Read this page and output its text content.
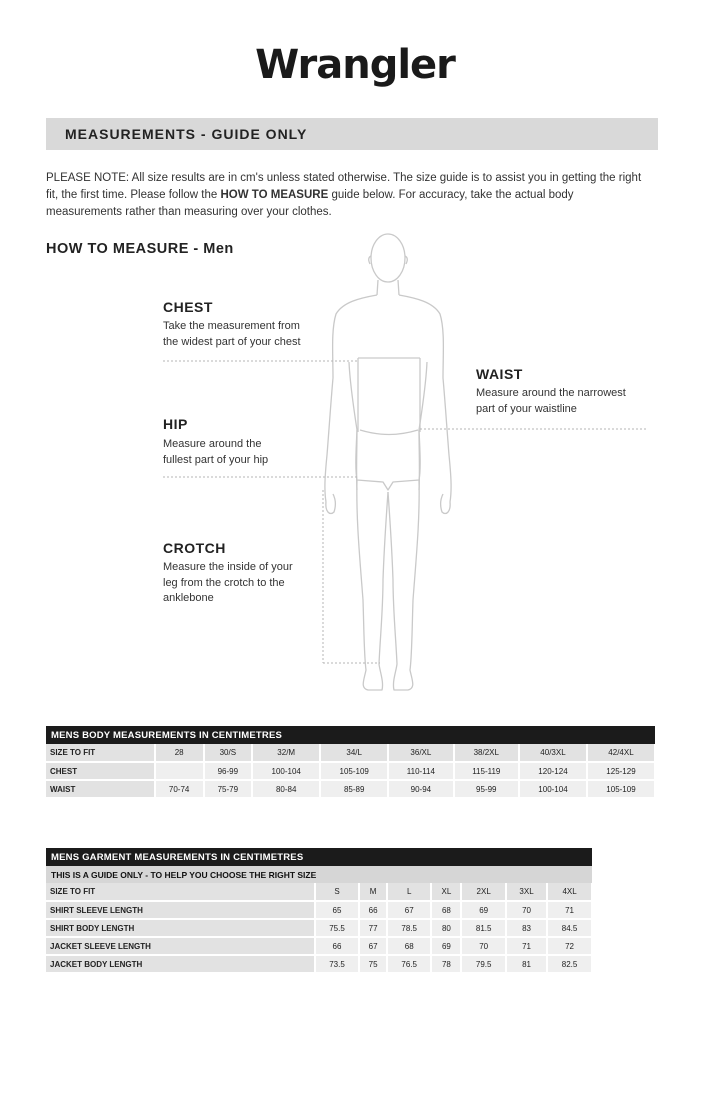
Wrangler
MEASUREMENTS - GUIDE ONLY

PLEASE NOTE: All size results are in cm's unless stated otherwise. The size guide is to assist you in getting the right fit, the first time. Please follow the HOW TO MEASURE guide below. For accuracy, take the actual body measurements rather than measuring over your clothes.

HOW TO MEASURE - Men
CHEST
Take the measurement from
the widest part of your chest
WAIST
Measure around the narrowest
part of your waistline
HIP
Measure around the
fullest part of your hip
CROTCH
Measure the inside of your
leg from the crotch to the
anklebone
MENS BODY MEASUREMENTS IN CENTIMETRES								
SIZE TO FIT	28	30/S	32/M	34/L	36/XL	38/2XL	40/3XL	42/4XL
CHEST		96-99	100-104	105-109	110-114	115-119	120-124	125-129
WAIST	70-74	75-79	80-84	85-89	90-94	95-99	100-104	105-109
MENS GARMENT MEASUREMENTS IN CENTIMETRES							
THIS IS A GUIDE ONLY - TO HELP YOU CHOOSE THE RIGHT SIZE							
SIZE TO FIT	S	M	L	XL	2XL	3XL	4XL
SHIRT SLEEVE LENGTH	65	66	67	68	69	70	71
SHIRT BODY LENGTH	75.5	77	78.5	80	81.5	83	84.5
JACKET SLEEVE LENGTH	66	67	68	69	70	71	72
JACKET BODY LENGTH	73.5	75	76.5	78	79.5	81	82.5
